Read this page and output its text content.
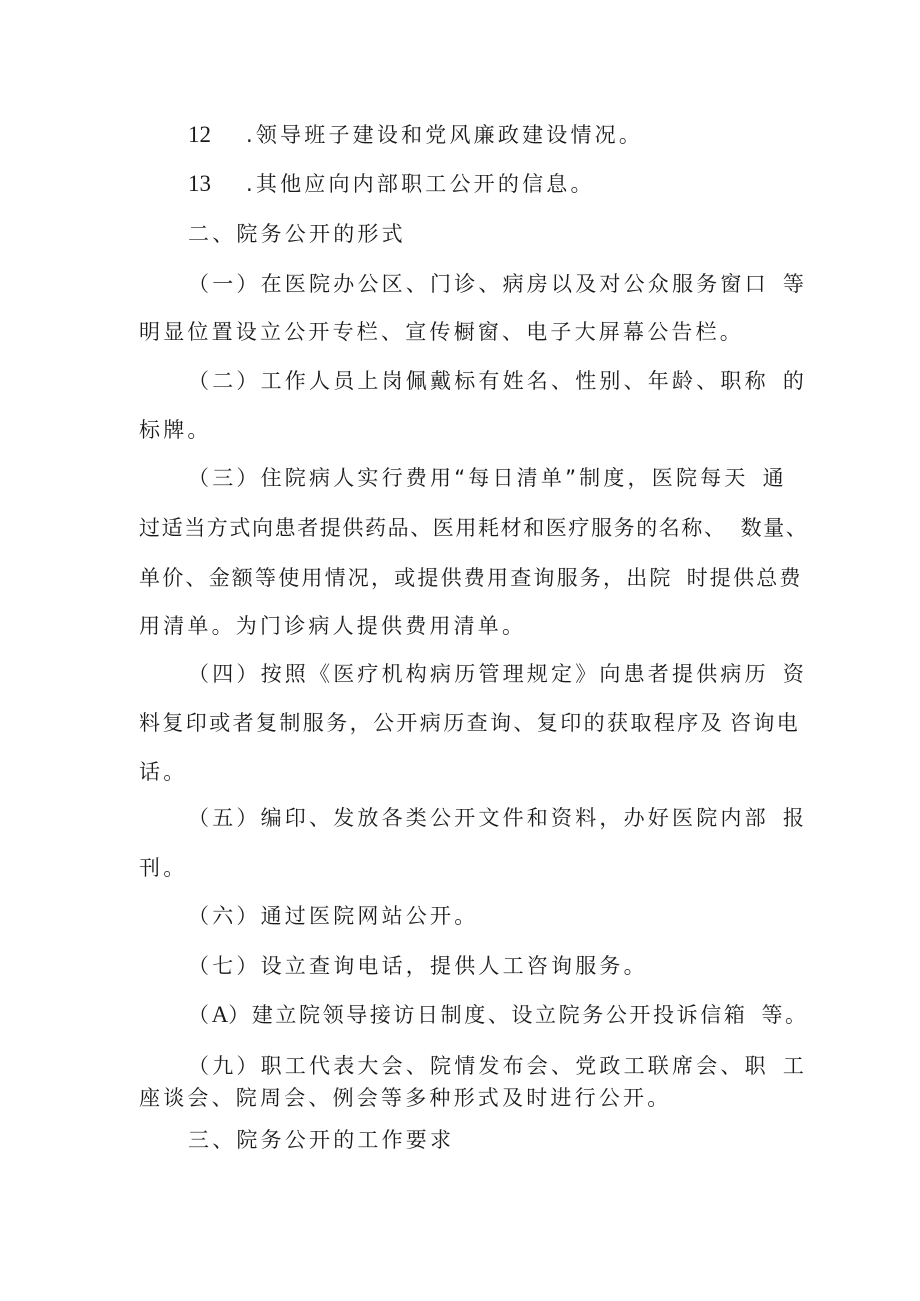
12 .领导班子建设和党风廉政建设情况。
13 .其他应向内部职工公开的信息。
二、院务公开的形式
（一）在医院办公区、门诊、病房以及对公众服务窗口 等
明显位置设立公开专栏、宣传橱窗、电子大屏幕公告栏。
（二）工作人员上岗佩戴标有姓名、性别、年龄、职称 的
标牌。
（三）住院病人实行费用“每日清单”制度，医院每天 通
过适当方式向患者提供药品、医用耗材和医疗服务的名称、 数量、
单价、金额等使用情况，或提供费用查询服务，出院 时提供总费
用清单。为门诊病人提供费用清单。
（四）按照《医疗机构病历管理规定》向患者提供病历 资
料复印或者复制服务，公开病历查询、复印的获取程序及 咨询电
话。
（五）编印、发放各类公开文件和资料，办好医院内部 报
刊。
（六）通过医院网站公开。
（七）设立查询电话，提供人工咨询服务。
（A）建立院领导接访日制度、设立院务公开投诉信箱 等。
（九）职工代表大会、院情发布会、党政工联席会、职 工
座谈会、院周会、例会等多种形式及时进行公开。
三、院务公开的工作要求
